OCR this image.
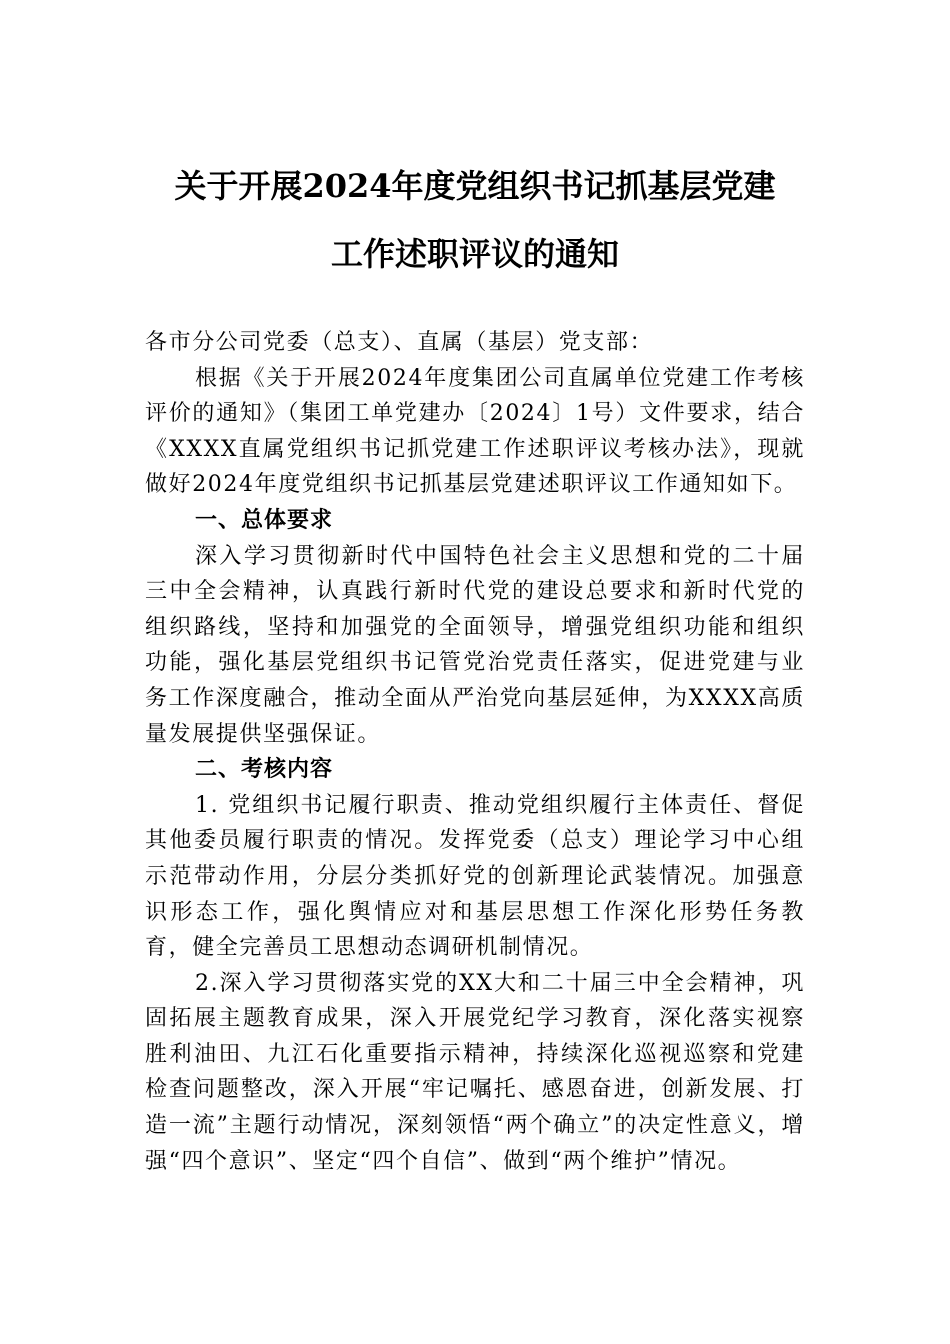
关于开展2024年度党组织书记抓基层党建
工作述职评议的通知

各市分公司党委（总支）、直属（基层）党支部：

根据《关于开展2024年度集团公司直属单位党建工作考核评价的通知》（集团工单党建办〔2024〕1号）文件要求，结合《XXXX直属党组织书记抓党建工作述职评议考核办法》，现就做好2024年度党组织书记抓基层党建述职评议工作通知如下。

一、总体要求

深入学习贯彻新时代中国特色社会主义思想和党的二十届三中全会精神，认真践行新时代党的建设总要求和新时代党的组织路线，坚持和加强党的全面领导，增强党组织功能和组织功能，强化基层党组织书记管党治党责任落实，促进党建与业务工作深度融合，推动全面从严治党向基层延伸，为XXXX高质量发展提供坚强保证。

二、考核内容

1. 党组织书记履行职责、推动党组织履行主体责任、督促其他委员履行职责的情况。发挥党委（总支）理论学习中心组示范带动作用，分层分类抓好党的创新理论武装情况。加强意识形态工作，强化舆情应对和基层思想工作深化形势任务教育，健全完善员工思想动态调研机制情况。

2.深入学习贯彻落实党的XX大和二十届三中全会精神，巩固拓展主题教育成果，深入开展党纪学习教育，深化落实视察胜利油田、九江石化重要指示精神，持续深化巡视巡察和党建检查问题整改，深入开展“牢记嘱托、感恩奋进，创新发展、打造一流”主题行动情况，深刻领悟“两个确立”的决定性意义，增强“四个意识”、坚定“四个自信”、做到“两个维护”情况。
